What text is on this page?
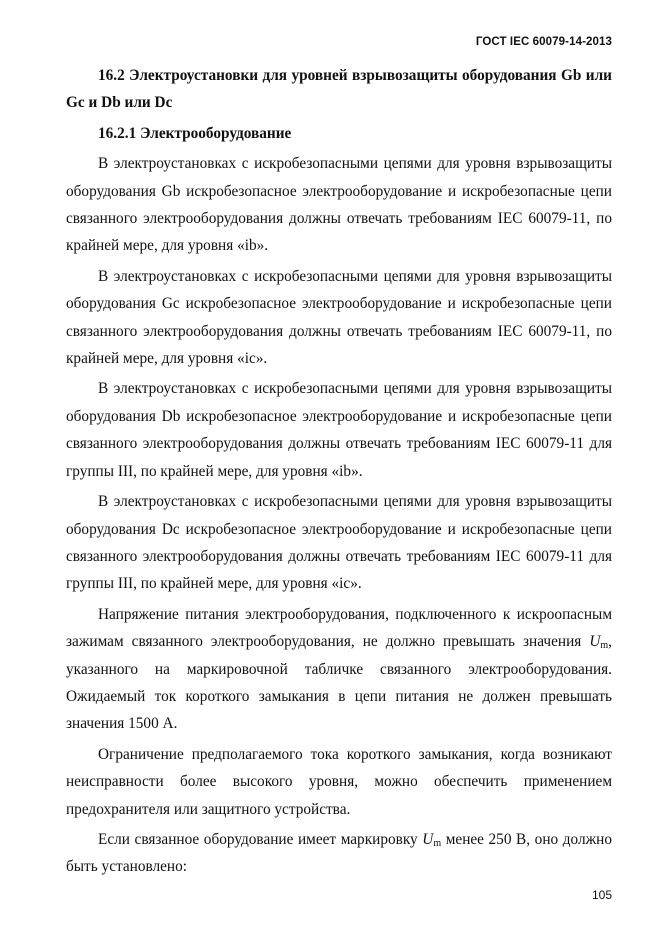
ГОСТ IEC 60079-14-2013

16.2 Электроустановки для уровней взрывозащиты оборудования Gb или Gc и Db или Dc

16.2.1 Электрооборудование

В электроустановках с искробезопасными цепями для уровня взрывозащиты оборудования Gb искробезопасное электрооборудование и искробезопасные цепи связанного электрооборудования должны отвечать требованиям IEC 60079-11, по крайней мере, для уровня «ib».

В электроустановках с искробезопасными цепями для уровня взрывозащиты оборудования Gc искробезопасное электрооборудование и искробезопасные цепи связанного электрооборудования должны отвечать требованиям IEC 60079-11, по крайней мере, для уровня «ic».

В электроустановках с искробезопасными цепями для уровня взрывозащиты оборудования Db искробезопасное электрооборудование и искробезопасные цепи связанного электрооборудования должны отвечать требованиям IEC 60079-11 для группы III, по крайней мере, для уровня «ib».

В электроустановках с искробезопасными цепями для уровня взрывозащиты оборудования Dc искробезопасное электрооборудование и искробезопасные цепи связанного электрооборудования должны отвечать требованиям IEC 60079-11 для группы III, по крайней мере, для уровня «ic».

Напряжение питания электрооборудования, подключенного к искроопасным зажимам связанного электрооборудования, не должно превышать значения $U_m$, указанного на маркировочной табличке связанного электрооборудования. Ожидаемый ток короткого замыкания в цепи питания не должен превышать значения 1500 А.

Ограничение предполагаемого тока короткого замыкания, когда возникают неисправности более высокого уровня, можно обеспечить применением предохранителя или защитного устройства.

Если связанное оборудование имеет маркировку $U_m$ менее 250 В, оно должно быть установлено:

105
